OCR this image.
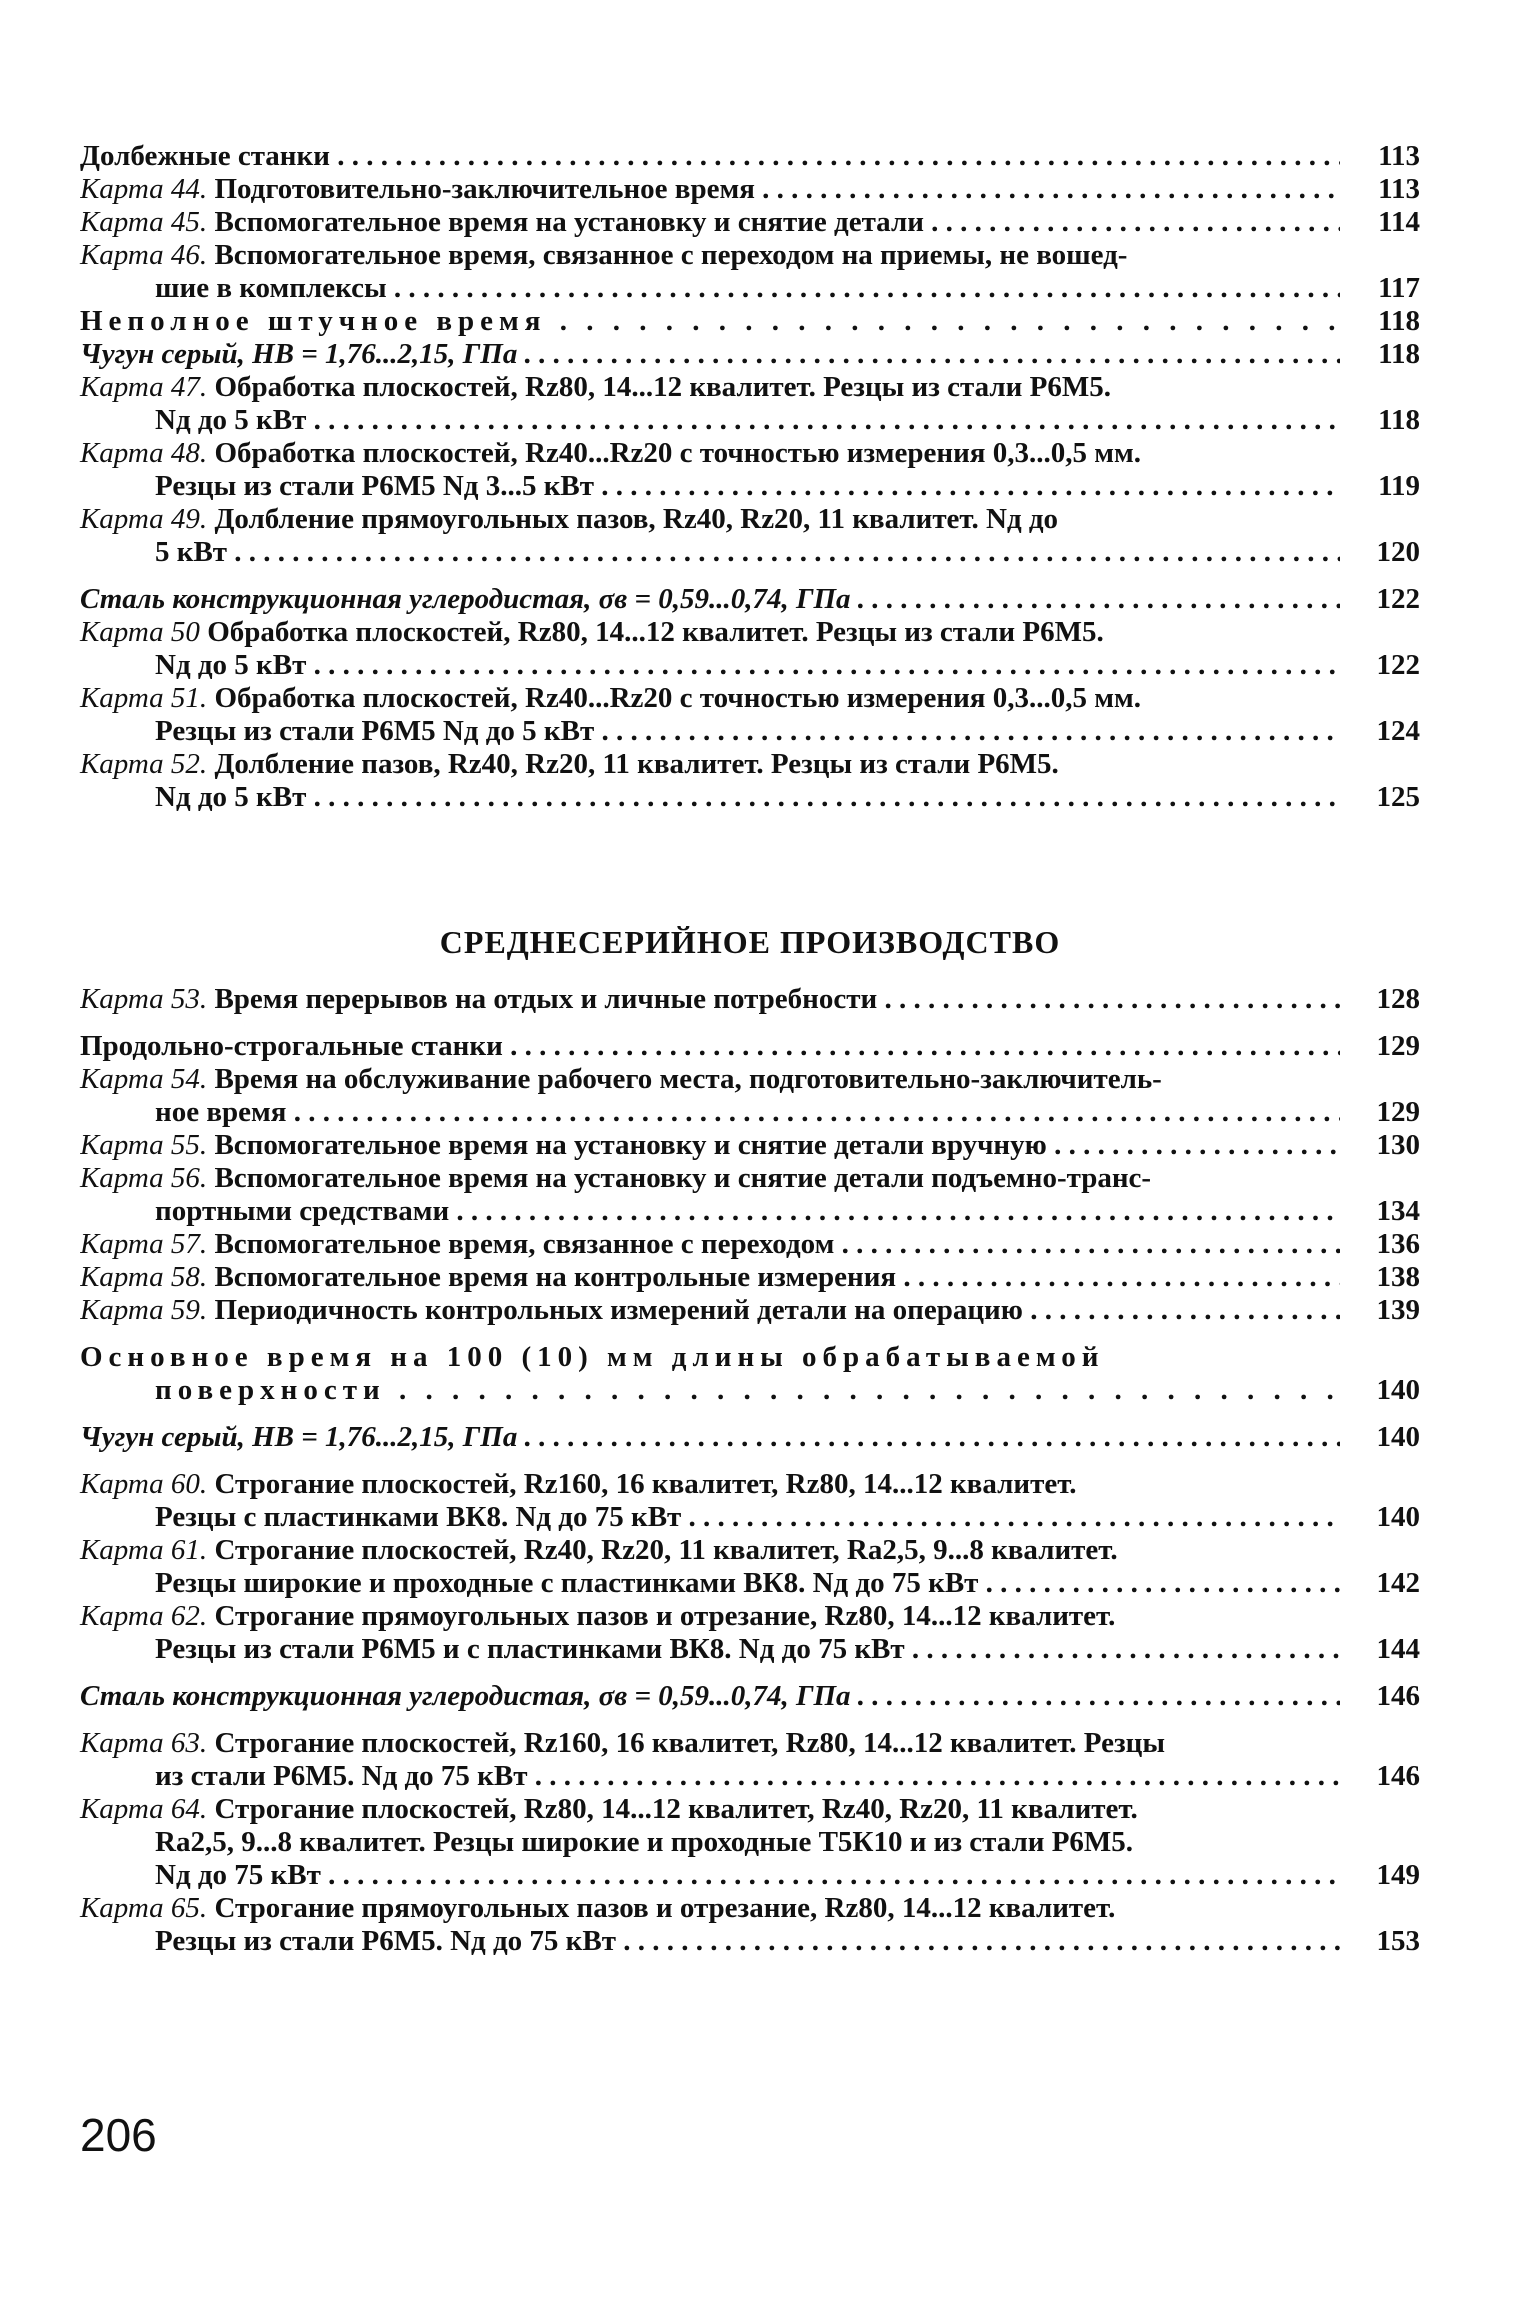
Долбежные станки . . .	113
Карта 44. Подготовительно-заключительное время . . .	113
Карта 45. Вспомогательное время на установку и снятие детали . . .	114
Карта 46. Вспомогательное время, связанное с переходом на приемы, не вошед-
шие в комплексы . . .	117
Неполное штучное время . . .	118
Чугун серый, НВ = 1,76...2,15, ГПа . . .	118
Карта 47. Обработка плоскостей, Rz80, 14...12 квалитет. Резцы из стали Р6М5.
Nд до 5 кВт . . .	118
Карта 48. Обработка плоскостей, Rz40...Rz20 с точностью измерения 0,3...0,5 мм.
Резцы из стали Р6М5 Nд 3...5 кВт . . .	119
Карта 49. Долбление прямоугольных пазов, Rz40, Rz20, 11 квалитет. Nд до
5 кВт . . .	120
Сталь конструкционная углеродистая, σв = 0,59...0,74, ГПа . . .	122
Карта 50 Обработка плоскостей, Rz80, 14...12 квалитет. Резцы из стали Р6М5.
Nд до 5 кВт . . .	122
Карта 51. Обработка плоскостей, Rz40...Rz20 с точностью измерения 0,3...0,5 мм.
Резцы из стали Р6М5 Nд до 5 кВт . . .	124
Карта 52. Долбление пазов, Rz40, Rz20, 11 квалитет. Резцы из стали Р6М5.
Nд до 5 кВт . . .	125
СРЕДНЕСЕРИЙНОЕ ПРОИЗВОДСТВО
Карта 53. Время перерывов на отдых и личные потребности . . .	128
Продольно-строгальные станки . . .	129
Карта 54. Время на обслуживание рабочего места, подготовительно-заключитель-
ное время . . .	129
Карта 55. Вспомогательное время на установку и снятие детали вручную . . .	130
Карта 56. Вспомогательное время на установку и снятие детали подъемно-транс-
портными средствами . . .	134
Карта 57. Вспомогательное время, связанное с переходом . . .	136
Карта 58. Вспомогательное время на контрольные измерения . . .	138
Карта 59. Периодичность контрольных измерений детали на операцию . . .	139
Основное время на 100 (10) мм длины обрабатываемой
поверхности . . .	140
Чугун серый, НВ = 1,76...2,15, ГПа . . .	140
Карта 60. Строгание плоскостей, Rz160, 16 квалитет, Rz80, 14...12 квалитет.
Резцы с пластинками ВК8. Nд до 75 кВт . . .	140
Карта 61. Строгание плоскостей, Rz40, Rz20, 11 квалитет, Ra2,5, 9...8 квалитет.
Резцы широкие и проходные с пластинками ВК8. Nд до 75 кВт . . .	142
Карта 62. Строгание прямоугольных пазов и отрезание, Rz80, 14...12 квалитет.
Резцы из стали Р6М5 и с пластинками ВК8. Nд до 75 кВт . . .	144
Сталь конструкционная углеродистая, σв = 0,59...0,74, ГПа . . .	146
Карта 63. Строгание плоскостей, Rz160, 16 квалитет, Rz80, 14...12 квалитет. Резцы
из стали Р6М5. Nд до 75 кВт . . .	146
Карта 64. Строгание плоскостей, Rz80, 14...12 квалитет, Rz40, Rz20, 11 квалитет.
Ra2,5, 9...8 квалитет. Резцы широкие и проходные Т5К10 и из стали Р6М5.
Nд до 75 кВт . . .	149
Карта 65. Строгание прямоугольных пазов и отрезание, Rz80, 14...12 квалитет.
Резцы из стали Р6М5. Nд до 75 кВт . . .	153
206
